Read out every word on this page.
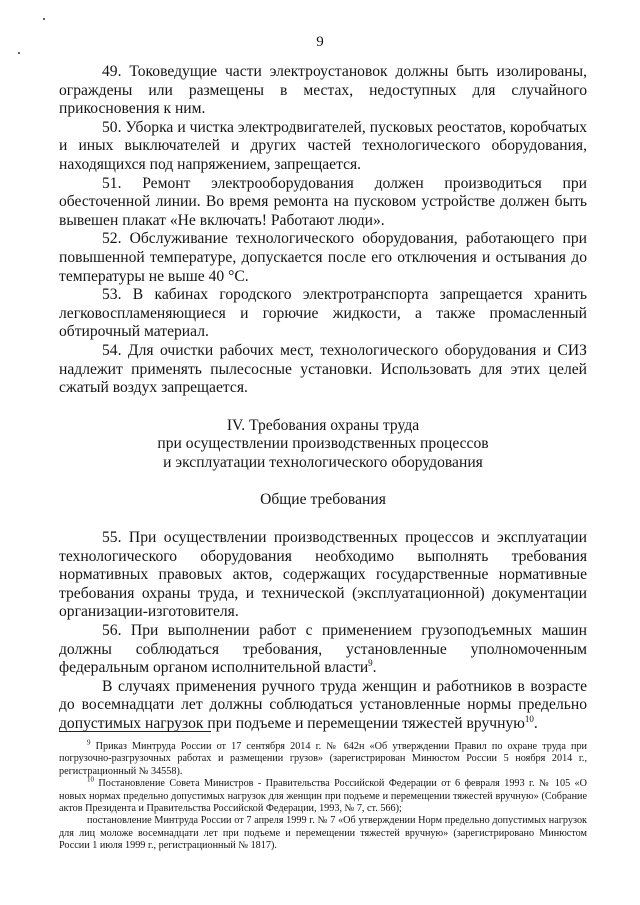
9

49. Токоведущие части электроустановок должны быть изолированы, ограждены или размещены в местах, недоступных для случайного прикосновения к ним.

50. Уборка и чистка электродвигателей, пусковых реостатов, коробчатых и иных выключателей и других частей технологического оборудования, находящихся под напряжением, запрещается.

51. Ремонт электрооборудования должен производиться при обесточенной линии. Во время ремонта на пусковом устройстве должен быть вывешен плакат «Не включать! Работают люди».

52. Обслуживание технологического оборудования, работающего при повышенной температуре, допускается после его отключения и остывания до температуры не выше 40 °C.

53. В кабинах городского электротранспорта запрещается хранить легковоспламеняющиеся и горючие жидкости, а также промасленный обтирочный материал.

54. Для очистки рабочих мест, технологического оборудования и СИЗ надлежит применять пылесосные установки. Использовать для этих целей сжатый воздух запрещается.

IV. Требования охраны труда

при осуществлении производственных процессов

и эксплуатации технологического оборудования

Общие требования

55. При осуществлении производственных процессов и эксплуатации технологического оборудования необходимо выполнять требования нормативных правовых актов, содержащих государственные нормативные требования охраны труда, и технической (эксплуатационной) документации организации-изготовителя.

56. При выполнении работ с применением грузоподъемных машин должны соблюдаться требования, установленные уполномоченным федеральным органом исполнительной власти$^9$.

В случаях применения ручного труда женщин и работников в возрасте до восемнадцати лет должны соблюдаться установленные нормы предельно допустимых нагрузок при подъеме и перемещении тяжестей вручную$^{10}$.

$^9$ Приказ Минтруда России от 17 сентября 2014 г. № 642н «Об утверждении Правил по охране труда при погрузочно-разгрузочных работах и размещении грузов» (зарегистрирован Минюстом России 5 ноября 2014 г., регистрационный № 34558).

$^{10}$ Постановление Совета Министров - Правительства Российской Федерации от 6 февраля 1993 г. № 105 «О новых нормах предельно допустимых нагрузок для женщин при подъеме и перемещении тяжестей вручную» (Собрание актов Президента и Правительства Российской Федерации, 1993, № 7, ст. 566);

постановление Минтруда России от 7 апреля 1999 г. № 7 «Об утверждении Норм предельно допустимых нагрузок для лиц моложе восемнадцати лет при подъеме и перемещении тяжестей вручную» (зарегистрировано Минюстом России 1 июля 1999 г., регистрационный № 1817).
